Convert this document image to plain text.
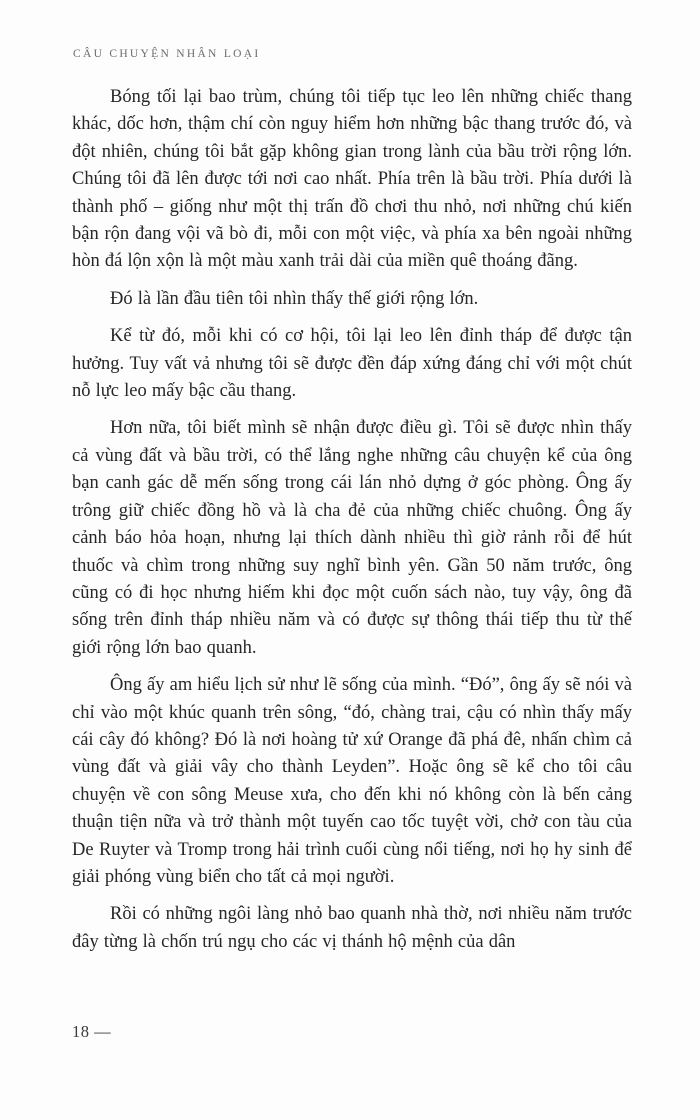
CÂU CHUYỆN NHÂN LOẠI

Bóng tối lại bao trùm, chúng tôi tiếp tục leo lên những chiếc thang khác, dốc hơn, thậm chí còn nguy hiểm hơn những bậc thang trước đó, và đột nhiên, chúng tôi bắt gặp không gian trong lành của bầu trời rộng lớn. Chúng tôi đã lên được tới nơi cao nhất. Phía trên là bầu trời. Phía dưới là thành phố – giống như một thị trấn đồ chơi thu nhỏ, nơi những chú kiến bận rộn đang vội vã bò đi, mỗi con một việc, và phía xa bên ngoài những hòn đá lộn xộn là một màu xanh trải dài của miền quê thoáng đãng.

Đó là lần đầu tiên tôi nhìn thấy thế giới rộng lớn.

Kể từ đó, mỗi khi có cơ hội, tôi lại leo lên đỉnh tháp để được tận hưởng. Tuy vất vả nhưng tôi sẽ được đền đáp xứng đáng chỉ với một chút nỗ lực leo mấy bậc cầu thang.

Hơn nữa, tôi biết mình sẽ nhận được điều gì. Tôi sẽ được nhìn thấy cả vùng đất và bầu trời, có thể lắng nghe những câu chuyện kể của ông bạn canh gác dễ mến sống trong cái lán nhỏ dựng ở góc phòng. Ông ấy trông giữ chiếc đồng hồ và là cha đẻ của những chiếc chuông. Ông ấy cảnh báo hỏa hoạn, nhưng lại thích dành nhiều thì giờ rảnh rỗi để hút thuốc và chìm trong những suy nghĩ bình yên. Gần 50 năm trước, ông cũng có đi học nhưng hiếm khi đọc một cuốn sách nào, tuy vậy, ông đã sống trên đỉnh tháp nhiều năm và có được sự thông thái tiếp thu từ thế giới rộng lớn bao quanh.

Ông ấy am hiểu lịch sử như lẽ sống của mình. “Đó”, ông ấy sẽ nói và chỉ vào một khúc quanh trên sông, “đó, chàng trai, cậu có nhìn thấy mấy cái cây đó không? Đó là nơi hoàng tử xứ Orange đã phá đê, nhấn chìm cả vùng đất và giải vây cho thành Leyden”. Hoặc ông sẽ kể cho tôi câu chuyện về con sông Meuse xưa, cho đến khi nó không còn là bến cảng thuận tiện nữa và trở thành một tuyến cao tốc tuyệt vời, chở con tàu của De Ruyter và Tromp trong hải trình cuối cùng nổi tiếng, nơi họ hy sinh để giải phóng vùng biển cho tất cả mọi người.

Rồi có những ngôi làng nhỏ bao quanh nhà thờ, nơi nhiều năm trước đây từng là chốn trú ngụ cho các vị thánh hộ mệnh của dân

18 —
